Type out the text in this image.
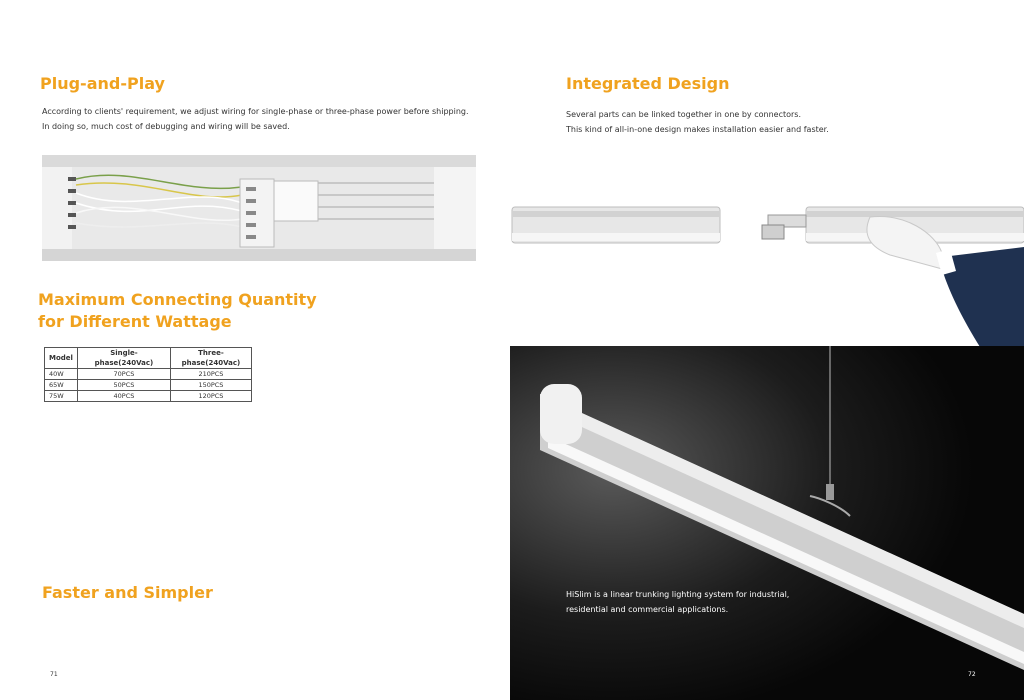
Plug-and-Play
According to clients' requirement, we adjust wiring for single-phase or three-phase power before shipping.
In doing so, much cost of debugging and wiring will be saved.
Maximum Connecting Quantity
for Different Wattage
Model	Single-phase(240Vac)	Three-phase(240Vac)
40W	70PCS	210PCS
65W	50PCS	150PCS
75W	40PCS	120PCS
Faster and Simpler
71
Integrated Design
Several parts can be linked together in one by connectors.
This kind of all-in-one design makes installation easier and faster.
HiSlim is a linear trunking lighting system for industrial,
residential and commercial applications.
72
